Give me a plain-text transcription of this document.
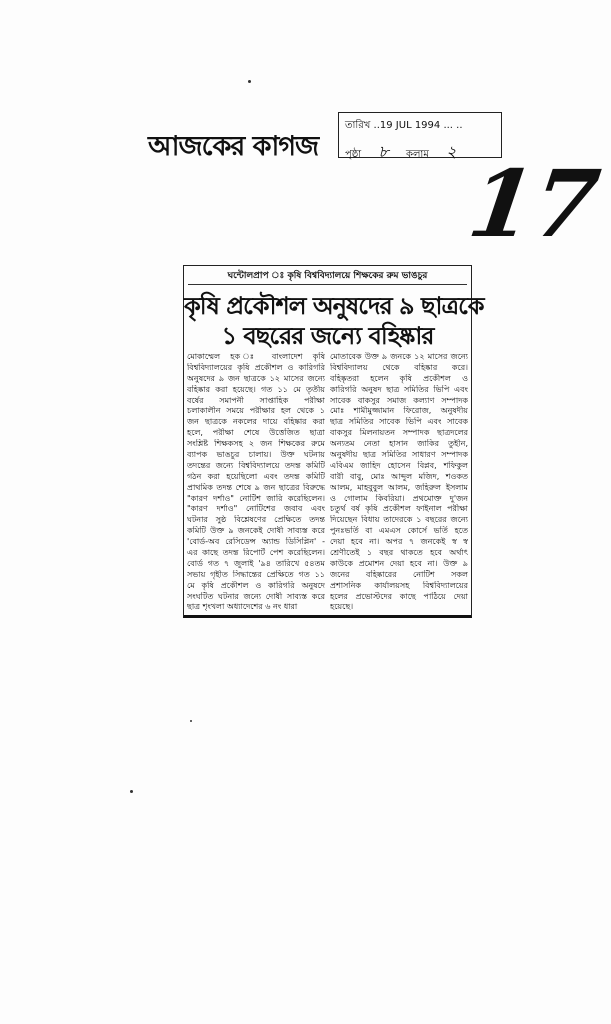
আজকের কাগজ
তারিখ ..19 JUL 1994 ... ..
পৃষ্ঠা ৮ কলাম ২ 17
ঘন্টোলপ্রাপ ঃ কৃষি বিশ্ববিদ্যালয়ে শিক্ষকের রুম ভাঙচুর
কৃষি প্রকৌশল অনুষদের ৯ ছাত্রকে
১ বছরের জন্যে বহিষ্কার
মোকাম্মেল হক ঃ বাংলাদেশ কৃষি
বিশ্ববিদ্যালয়ের কৃষি প্রকৌশল ও কারিগরি
অনুষদের ৯ জন ছাত্রকে ১২ মাসের জন্যে
বহিষ্কার করা হয়েছে। গত ১১ মে তৃতীয়
বর্ষের সমাপনী সাপ্তাহিক পরীক্ষা
চলাকালীন সময়ে পরীক্ষার হল থেকে ১
জন ছাত্রকে নকলের দায়ে বহিষ্কার করা
হলে, পরীক্ষা শেষে উত্তেজিত ছাত্রা
সংশ্লিষ্ট শিক্ষকসহ ২ জন শিক্ষকের রুমে
ব্যাপক ভাঙচুর চালায়। উক্ত ঘটনায়
তদন্তের জন্যে বিশ্ববিদ্যালয়ে তদন্ত কমিটি
গঠন করা হয়েছিলো এবং তদন্ত কমিটি
প্রাথমিক তদন্ত শেষে ৯ জন ছাত্রের বিরুদ্ধে
"কারণ দর্শাও" নোটিশ জারি করেছিলেন।
"কারণ দর্শাও" নোটিশের জবাব এবং
ঘটনার সুষ্ঠ বিশ্লেষণের প্রেক্ষিতে তদন্ত
কমিটি উক্ত ৯ জনকেই দোষী সাব্যস্ত করে
'বোর্ড-অব রেসিডেন্স অ্যান্ড ডিসিপ্লিন' -
এর কাছে তদন্ত রিপোর্ট পেশ করেছিলেন।
বোর্ড গত ৭ জুলাই '৯৪ তারিখে ৫৪তম
সভায় গৃহীত সিদ্ধান্তের প্রেক্ষিতে গত ১১
মে কৃষি প্রকৌশল ও কারিগরি অনুষদে
সংঘটিত ঘটনার জন্যে দোষী সাব্যস্ত করে
ছাত্র শৃংখলা অধ্যাদেশের ৬ নং ধারা
মোতাবেক উক্ত ৯ জনকে ১২ মাসের জন্যে
বিশ্ববিদ্যালয় থেকে বহিষ্কার করে।
বহিষ্কৃতরা হলেন কৃষি প্রকৌশল ও
কারিগরি অনুষদ ছাত্র সমিতির ভিপি এবং
সাবেক বাকসুর সমাজ কল্যাণ সম্পাদক
মোঃ শামীমুজ্জামান ফিরোজ, অনুষদীয়
ছাত্র সমিতির সাবেক ভিপি এবং সাবেক
বাকসুর মিলনায়তন সম্পাদক ছাত্রদলের
অন্যতম নেতা হাসান জাকির তুহীন,
অনুষদীয় ছাত্র সমিতির সাধারণ সম্পাদক
এবিএম জাহিদ হোসেন বিপ্লব, শফিকুল
বারী বাবু, মোঃ আব্দুল মজিদ, শওকত
আলম, মাহবুবুল আলম, জহিরুল ইসলাম
ও গোলাম কিবরিয়া। প্রথমোক্ত দু'জন
চতুর্থ বর্ষ কৃষি প্রকৌশল ফাইনাল পরীক্ষা
দিয়েছেন বিধায় তাদেরকে ১ বছরের জন্যে
পুনঃভর্তি বা এমএস কোর্সে ভর্তি হতে
দেয়া হবে না। অপর ৭ জনকেই স্ব স্ব
শ্রেণীতেই ১ বছর থাকতে হবে অর্থাৎ
কাউকে প্রমোশন দেয়া হবে না। উক্ত ৯
জনের বহিষ্কারের নোটিশ সকল
প্রশাসনিক কার্যালয়সহ বিশ্ববিদ্যালয়ের
হলের প্রভোস্টদের কাছে পাঠিয়ে দেয়া
হয়েছে।
